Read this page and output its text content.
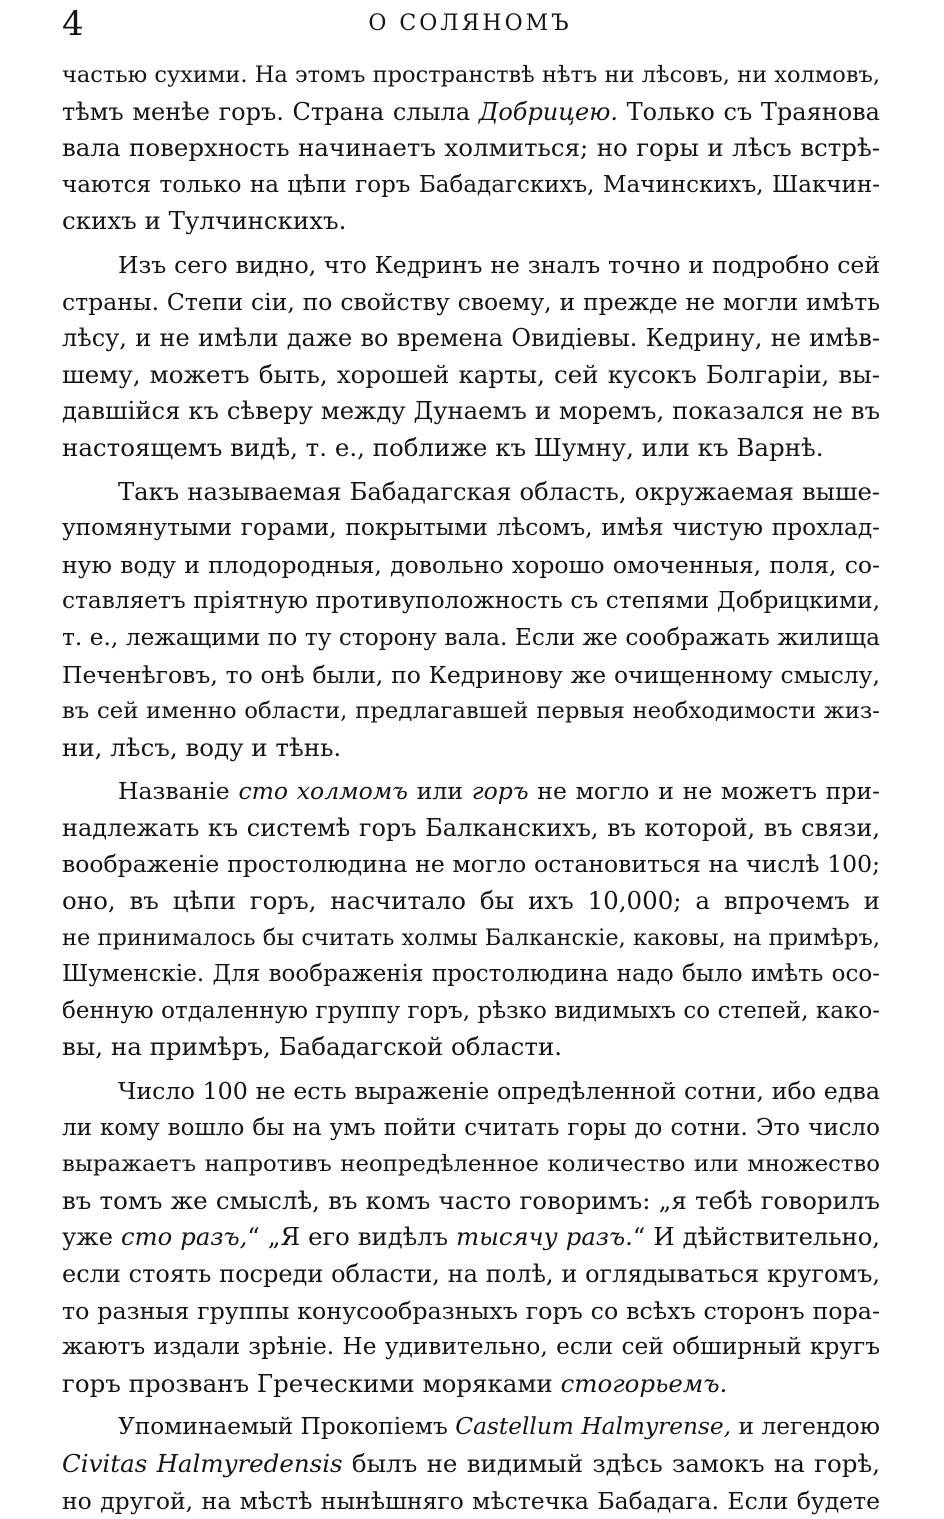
4	О СОЛЯНОМЪ
частью сухими. На этомъ пространствѣ нѣтъ ни лѣсовъ, ни холмовъ,
тѣмъ менѣе горъ. Страна слыла Добрицею. Только съ Траянова
вала поверхность начинаетъ холмиться; но горы и лѣсъ встрѣ-
чаются только на цѣпи горъ Бабадагскихъ, Мачинскихъ, Шакчин-
скихъ и Тулчинскихъ.
Изъ сего видно, что Кедринъ не зналъ точно и подробно сей
страны. Степи сіи, по свойству своему, и прежде не могли имѣть
лѣсу, и не имѣли даже во времена Овидіевы. Кедрину, не имѣв-
шему, можетъ быть, хорошей карты, сей кусокъ Болгаріи, вы-
давшійся къ сѣверу между Дунаемъ и моремъ, показался не въ
настоящемъ видѣ, т. е., поближе къ Шумну, или къ Варнѣ.
Такъ называемая Бабадагская область, окружаемая выше-
упомянутыми горами, покрытыми лѣсомъ, имѣя чистую прохлад-
ную воду и плодородныя, довольно хорошо омоченныя, поля, со-
ставляетъ пріятную противуположность съ степями Добрицкими,
т. е., лежащими по ту сторону вала. Если же соображать жилища
Печенѣговъ, то онѣ были, по Кедринову же очищенному смыслу,
въ сей именно области, предлагавшей первыя необходимости жиз-
ни, лѣсъ, воду и тѣнь.
Названіе сто холмомъ или горъ не могло и не можетъ при-
надлежать къ системѣ горъ Балканскихъ, въ которой, въ связи,
воображеніе простолюдина не могло остановиться на числѣ 100;
оно, въ цѣпи горъ, насчитало бы ихъ 10,000; а впрочемъ и
не принималось бы считать холмы Балканскіе, каковы, на примѣръ,
Шуменскіе. Для воображенія простолюдина надо было имѣть осо-
бенную отдаленную группу горъ, рѣзко видимыхъ со степей, како-
вы, на примѣръ, Бабадагской области.
Число 100 не есть выраженіе опредѣленной сотни, ибо едва
ли кому вошло бы на умъ пойти считать горы до сотни. Это число
выражаетъ напротивъ неопредѣленное количество или множество
въ томъ же смыслѣ, въ комъ часто говоримъ: „я тебѣ говорилъ
уже сто разъ,“ „Я его видѣлъ тысячу разъ.“ И дѣйствительно,
если стоять посреди области, на полѣ, и оглядываться кругомъ,
то разныя группы конусообразныхъ горъ со всѣхъ сторонъ пора-
жаютъ издали зрѣніе. Не удивительно, если сей обширный кругъ
горъ прозванъ Греческими моряками стогорьемъ.
Упоминаемый Прокопіемъ Castellum Halmyrense, и легендою
Civitas Halmyredensis былъ не видимый здѣсь замокъ на горѣ,
но другой, на мѣстѣ нынѣшняго мѣстечка Бабадага. Если будете
